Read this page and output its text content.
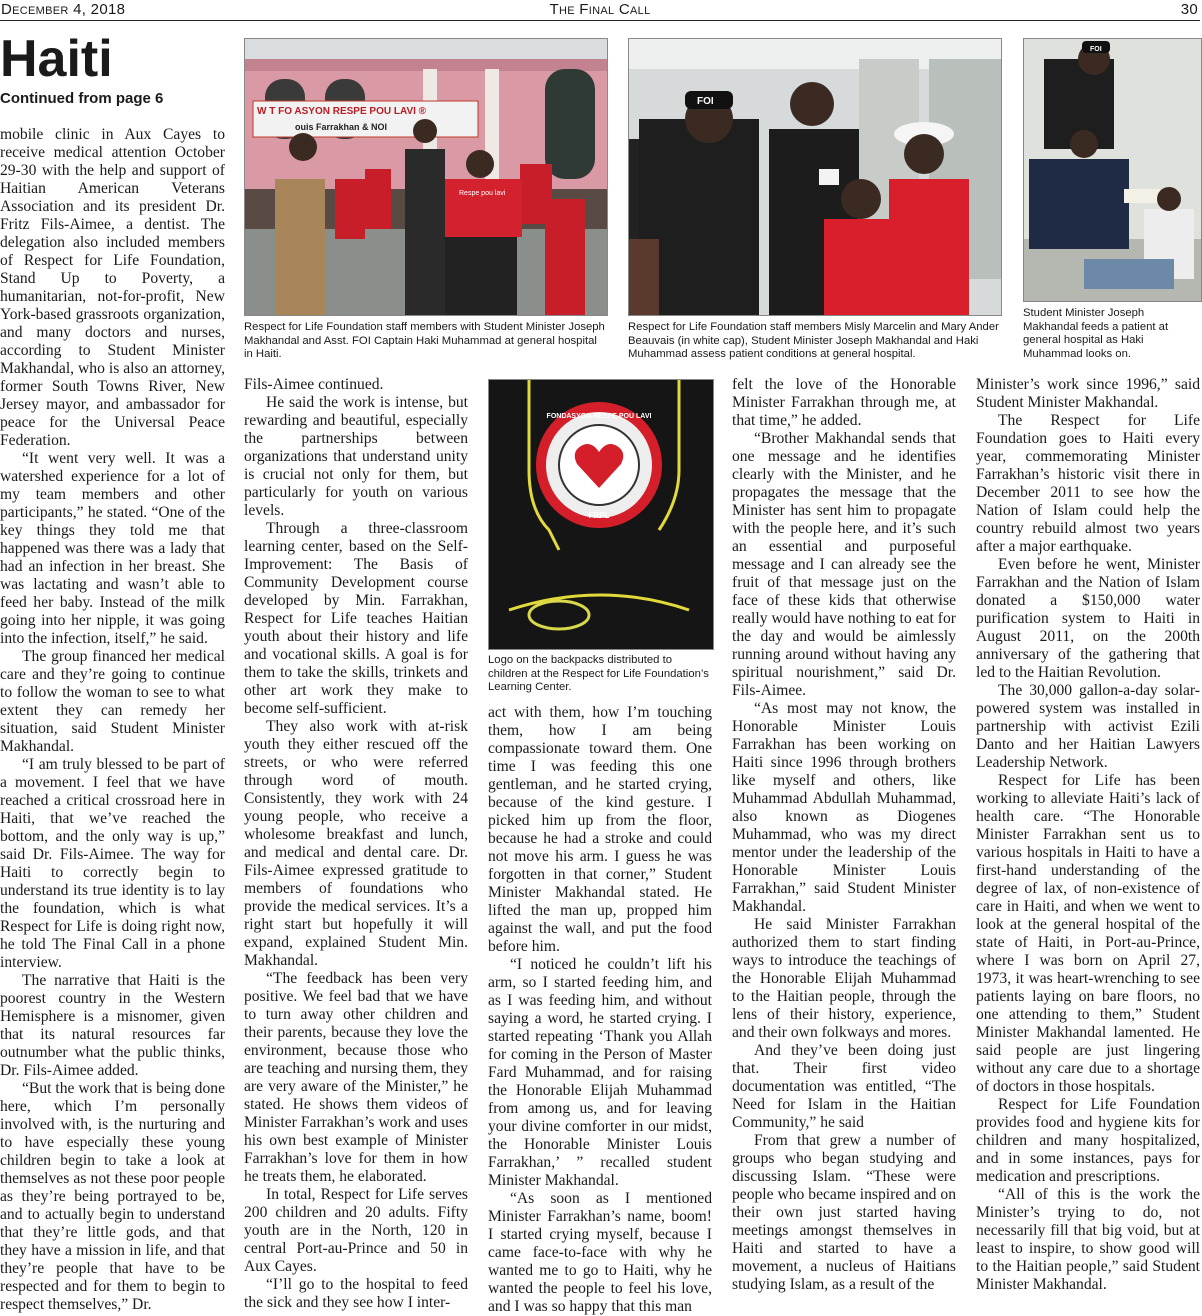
December 4, 2018	The Final Call	30
Haiti
Continued from page 6
W T FO ASYON RESPE POU LAVI ®
ouis Farrakhan & NOI
Respe pou lavi

Respect for Life Foundation staff members with Student Minister Joseph Makhandal and Asst. FOI Captain Haki Muhammad at general hospital in Haiti.

FOI

Respect for Life Foundation staff members Misly Marcelin and Mary Ander Beauvais (in white cap), Student Minister Joseph Makhandal and Haki Muhammad assess patient conditions at general hospital.

FOI

Student Minister Joseph Makhandal feeds a patient at general hospital as Haki Muhammad looks on.

FONDASYON RESPE POU LAVI
FRPL

Logo on the backpacks distributed to children at the Respect for Life Foundation’s Learning Center.

mobile clinic in Aux Cayes to receive medical attention October 29-30 with the help and support of Haitian American Veterans Association and its president Dr. Fritz Fils-Aimee, a dentist. The delegation also included members of Respect for Life Foundation, Stand Up to Poverty, a humanitarian, not-for-profit, New York-based grassroots organization, and many doctors and nurses, according to Student Minister Makhandal, who is also an attorney, former South Towns River, New Jersey mayor, and ambassador for peace for the Universal Peace Federation.

“It went very well. It was a watershed experience for a lot of my team members and other participants,” he stated. “One of the key things they told me that happened was there was a lady that had an infection in her breast. She was lactating and wasn’t able to feed her baby. Instead of the milk going into her nipple, it was going into the infection, itself,” he said.

The group financed her medical care and they’re going to continue to follow the woman to see to what extent they can remedy her situation, said Student Minister Makhandal.

“I am truly blessed to be part of a movement. I feel that we have reached a critical crossroad here in Haiti, that we’ve reached the bottom, and the only way is up,” said Dr. Fils-Aimee. The way for Haiti to correctly begin to understand its true identity is to lay the foundation, which is what Respect for Life is doing right now, he told The Final Call in a phone interview.

The narrative that Haiti is the poorest country in the Western Hemisphere is a misnomer, given that its natural resources far outnumber what the public thinks, Dr. Fils-Aimee added.

“But the work that is being done here, which I’m personally involved with, is the nurturing and to have especially these young children begin to take a look at themselves as not these poor people as they’re being portrayed to be, and to actually begin to understand that they’re little gods, and that they have a mission in life, and that they’re people that have to be respected and for them to begin to respect themselves,” Dr.

Fils-Aimee continued.

He said the work is intense, but rewarding and beautiful, especially the partnerships between organizations that understand unity is crucial not only for them, but particularly for youth on various levels.

Through a three-classroom learning center, based on the Self-Improvement: The Basis of Community Development course developed by Min. Farrakhan, Respect for Life teaches Haitian youth about their history and life and vocational skills. A goal is for them to take the skills, trinkets and other art work they make to become self-sufficient.

They also work with at-risk youth they either rescued off the streets, or who were referred through word of mouth. Consistently, they work with 24 young people, who receive a wholesome breakfast and lunch, and medical and dental care. Dr. Fils-Aimee expressed gratitude to members of foundations who provide the medical services. It’s a right start but hopefully it will expand, explained Student Min. Makhandal.

“The feedback has been very positive. We feel bad that we have to turn away other children and their parents, because they love the environment, because those who are teaching and nursing them, they are very aware of the Minister,” he stated. He shows them videos of Minister Farrakhan’s work and uses his own best example of Minister Farrakhan’s love for them in how he treats them, he elaborated.

In total, Respect for Life serves 200 children and 20 adults. Fifty youth are in the North, 120 in central Port-au-Prince and 50 in Aux Cayes.

“I’ll go to the hospital to feed the sick and they see how I inter-

act with them, how I’m touching them, how I am being compassionate toward them. One time I was feeding this one gentleman, and he started crying, because of the kind gesture. I picked him up from the floor, because he had a stroke and could not move his arm. I guess he was forgotten in that corner,” Student Minister Makhandal stated. He lifted the man up, propped him against the wall, and put the food before him.

“I noticed he couldn’t lift his arm, so I started feeding him, and as I was feeding him, and without saying a word, he started crying. I started repeating ‘Thank you Allah for coming in the Person of Master Fard Muhammad, and for raising the Honorable Elijah Muhammad from among us, and for leaving your divine comforter in our midst, the Honorable Minister Louis Farrakhan,’ ” recalled student Minister Makhandal.

“As soon as I mentioned Minister Farrakhan’s name, boom! I started crying myself, because I came face-to-face with why he wanted me to go to Haiti, why he wanted the people to feel his love, and I was so happy that this man

felt the love of the Honorable Minister Farrakhan through me, at that time,” he added.

“Brother Makhandal sends that one message and he identifies clearly with the Minister, and he propagates the message that the Minister has sent him to propagate with the people here, and it’s such an essential and purposeful message and I can already see the fruit of that message just on the face of these kids that otherwise really would have nothing to eat for the day and would be aimlessly running around without having any spiritual nourishment,” said Dr. Fils-Aimee.

“As most may not know, the Honorable Minister Louis Farrakhan has been working on Haiti since 1996 through brothers like myself and others, like Muhammad Abdullah Muhammad, also known as Diogenes Muhammad, who was my direct mentor under the leadership of the Honorable Minister Louis Farrakhan,” said Student Minister Makhandal.

He said Minister Farrakhan authorized them to start finding ways to introduce the teachings of the Honorable Elijah Muhammad to the Haitian people, through the lens of their history, experience, and their own folkways and mores.

And they’ve been doing just that. Their first video documentation was entitled, “The Need for Islam in the Haitian Community,” he said

From that grew a number of groups who began studying and discussing Islam. “These were people who became inspired and on their own just started having meetings amongst themselves in Haiti and started to have a movement, a nucleus of Haitians studying Islam, as a result of the

Minister’s work since 1996,” said Student Minister Makhandal.

The Respect for Life Foundation goes to Haiti every year, commemorating Minister Farrakhan’s historic visit there in December 2011 to see how the Nation of Islam could help the country rebuild almost two years after a major earthquake.

Even before he went, Minister Farrakhan and the Nation of Islam donated a $150,000 water purification system to Haiti in August 2011, on the 200th anniversary of the gathering that led to the Haitian Revolution.

The 30,000 gallon-a-day solar-powered system was installed in partnership with activist Ezili Danto and her Haitian Lawyers Leadership Network.

Respect for Life has been working to alleviate Haiti’s lack of health care. “The Honorable Minister Farrakhan sent us to various hospitals in Haiti to have a first-hand understanding of the degree of lax, of non-existence of care in Haiti, and when we went to look at the general hospital of the state of Haiti, in Port-au-Prince, where I was born on April 27, 1973, it was heart-wrenching to see patients laying on bare floors, no one attending to them,” Student Minister Makhandal lamented. He said people are just lingering without any care due to a shortage of doctors in those hospitals.

Respect for Life Foundation provides food and hygiene kits for children and many hospitalized, and in some instances, pays for medication and prescriptions.

“All of this is the work the Minister’s trying to do, not necessarily fill that big void, but at least to inspire, to show good will to the Haitian people,” said Student Minister Makhandal.
